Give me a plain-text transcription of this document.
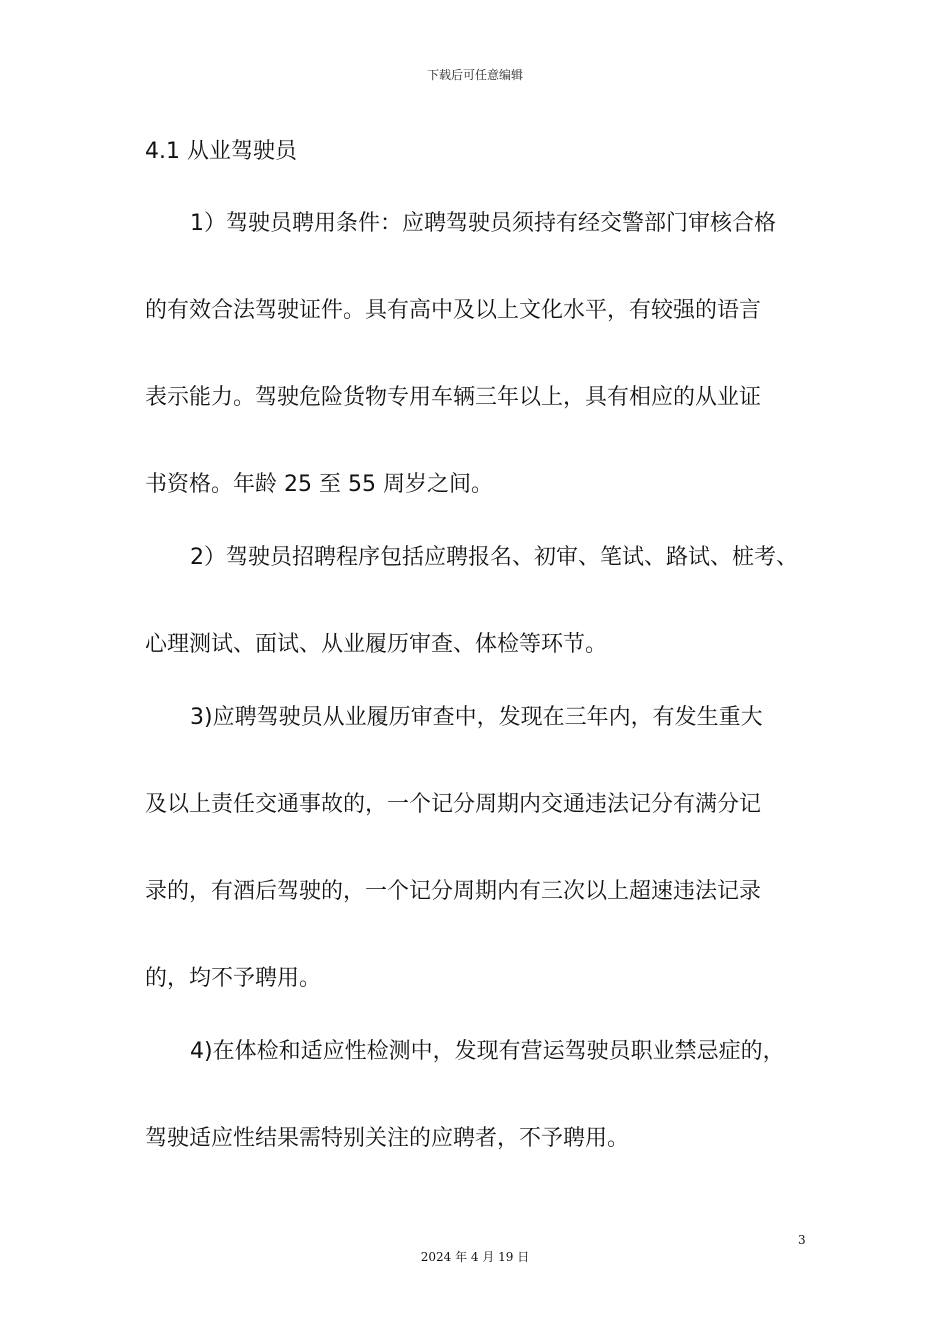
下载后可任意编辑
4.1 从业驾驶员
1）驾驶员聘用条件：应聘驾驶员须持有经交警部门审核合格
的有效合法驾驶证件。具有高中及以上文化水平，有较强的语言
表示能力。驾驶危险货物专用车辆三年以上，具有相应的从业证
书资格。年龄 25 至 55 周岁之间。
2）驾驶员招聘程序包括应聘报名、初审、笔试、路试、桩考、
心理测试、面试、从业履历审查、体检等环节。
3)应聘驾驶员从业履历审查中，发现在三年内，有发生重大
及以上责任交通事故的，一个记分周期内交通违法记分有满分记
录的，有酒后驾驶的，一个记分周期内有三次以上超速违法记录
的，均不予聘用。
4)在体检和适应性检测中，发现有营运驾驶员职业禁忌症的，
驾驶适应性结果需特别关注的应聘者，不予聘用。
3
2024 年 4 月 19 日
